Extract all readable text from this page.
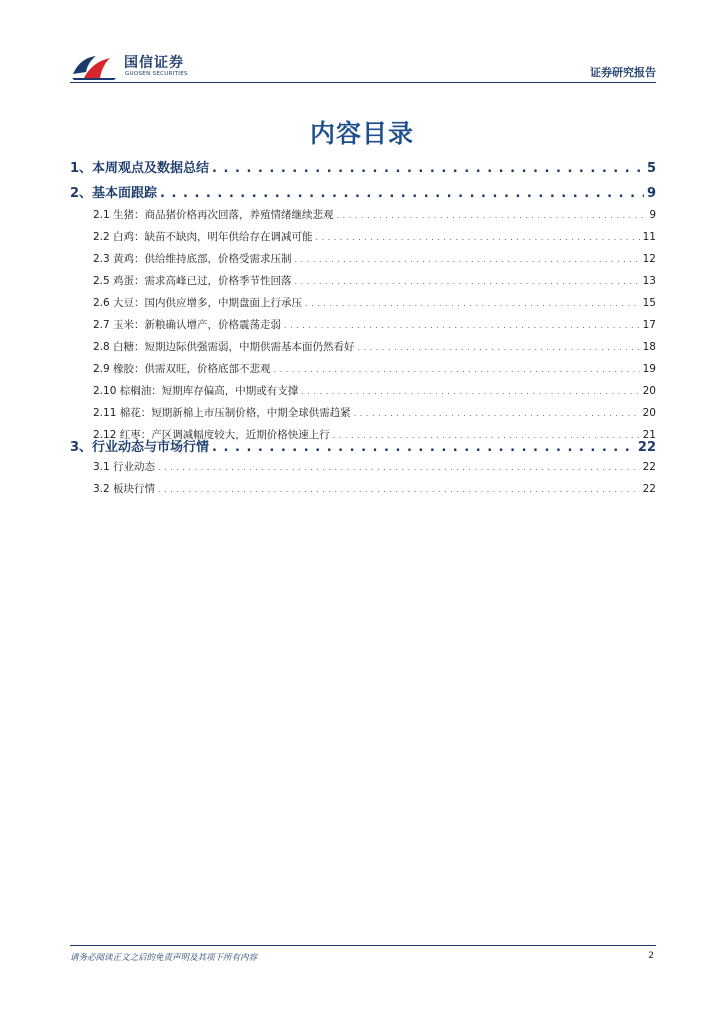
国信证券
GUOSEN SECURITIES	证券研究报告
内容目录
1、本周观点及数据总结 . . .	5
2、基本面跟踪 . . .	9
2.1 生猪：商品猪价格再次回落，养殖情绪继续悲观 . . .	9
2.2 白鸡：缺苗不缺肉，明年供给存在调减可能 . . .	11
2.3 黄鸡：供给维持底部，价格受需求压制 . . .	12
2.5 鸡蛋：需求高峰已过，价格季节性回落 . . .	13
2.6 大豆：国内供应增多，中期盘面上行承压 . . .	15
2.7 玉米：新粮确认增产，价格震荡走弱 . . .	17
2.8 白糖：短期边际供强需弱，中期供需基本面仍然看好 . . .	18
2.9 橡胶：供需双旺，价格底部不悲观 . . .	19
2.10 棕榈油：短期库存偏高，中期或有支撑 . . .	20
2.11 棉花：短期新棉上市压制价格，中期全球供需趋紧 . . .	20
2.12 红枣：产区调减幅度较大，近期价格快速上行 . . .	21
3、行业动态与市场行情 . . .	22
3.1 行业动态 . . .	22
3.2 板块行情 . . .	22
请务必阅读正文之后的免责声明及其项下所有内容	2
